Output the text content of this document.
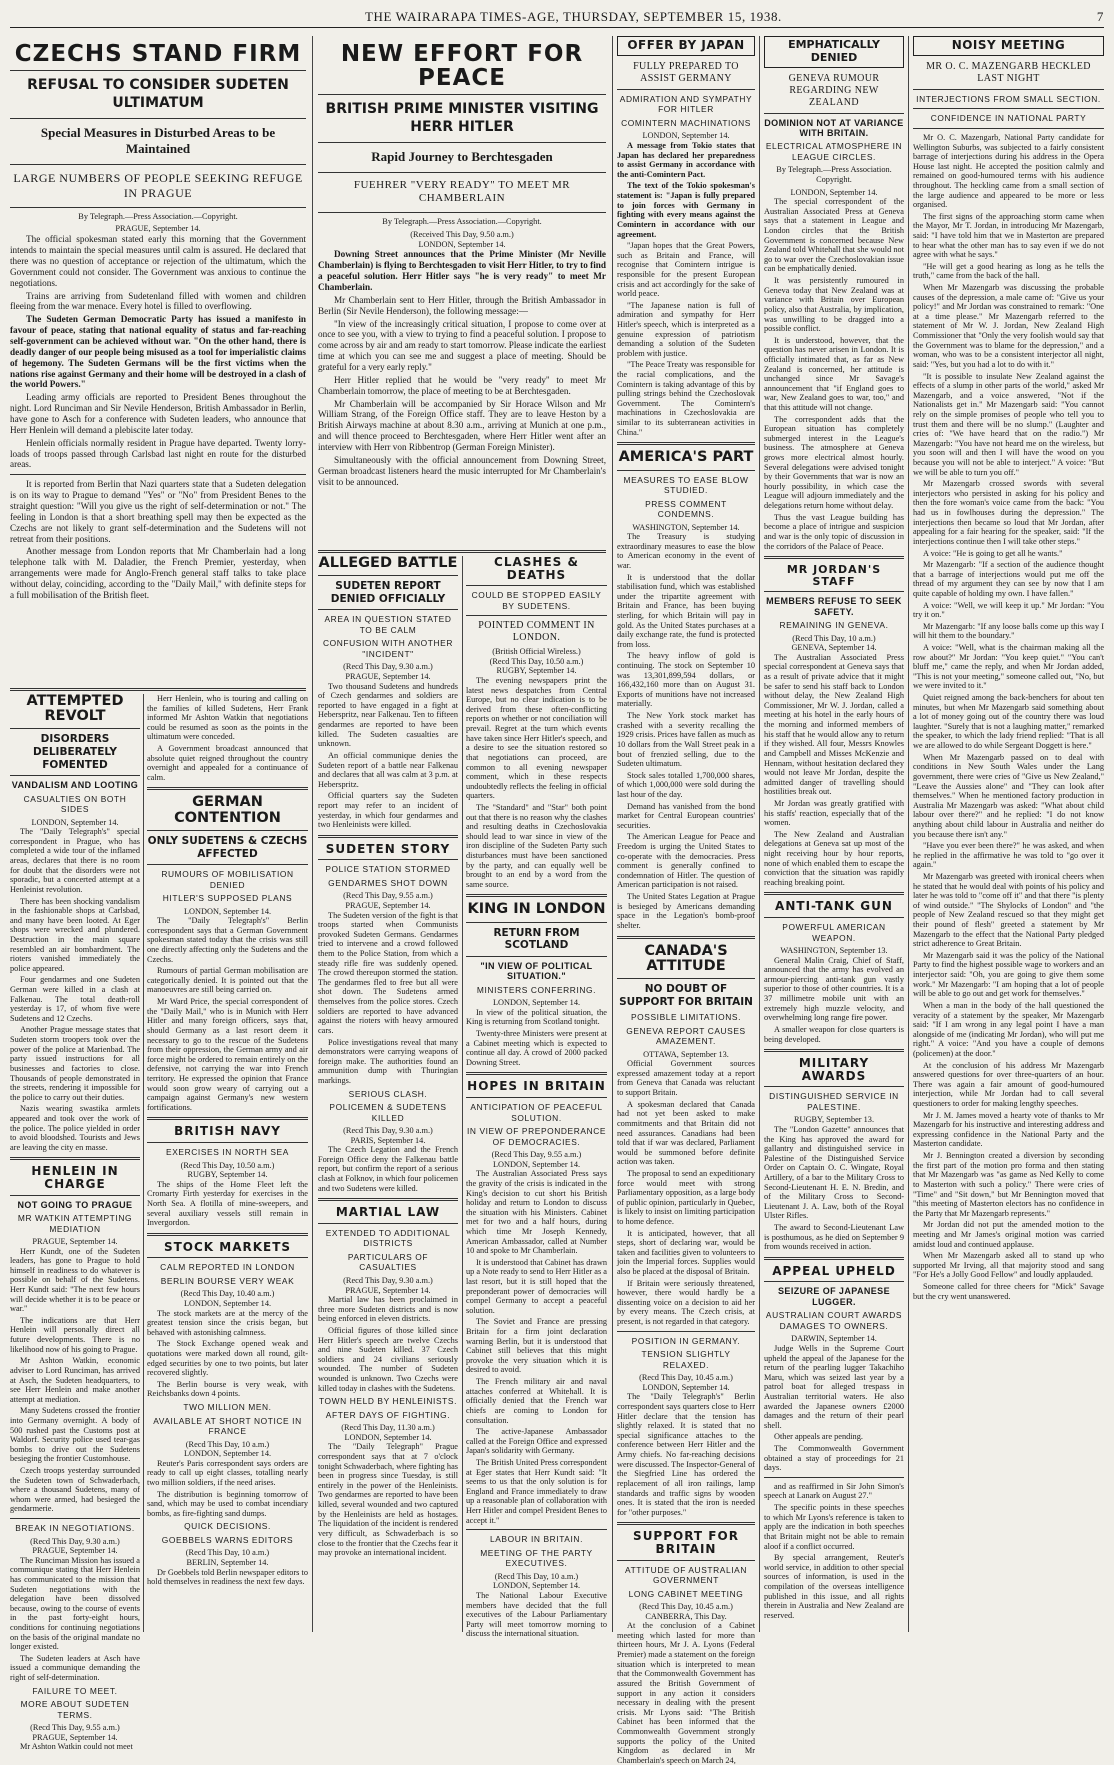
THE WAIRARAPA TIMES-AGE, THURSDAY, SEPTEMBER 15, 1938.	7
CZECHS STAND FIRM
REFUSAL TO CONSIDER SUDETEN ULTIMATUM
Special Measures in Disturbed Areas to be Maintained
LARGE NUMBERS OF PEOPLE SEEKING REFUGE IN PRAGUE
By Telegraph.—Press Association.—Copyright.
PRAGUE, September 14.

The official spokesman stated early this morning that the Government intends to maintain the special measures until calm is assured. He declared that there was no question of acceptance or rejection of the ultimatum, which the Government could not consider. The Government was anxious to continue the negotiations.

Trains are arriving from Sudetenland filled with women and children fleeing from the war menace. Every hotel is filled to overflowing.

The Sudeten German Democratic Party has issued a manifesto in favour of peace, stating that national equality of status and far-reaching self-government can be achieved without war. "On the other hand, there is deadly danger of our people being misused as a tool for imperialistic claims of hegemony. The Sudeten Germans will be the first victims when the nations rise against Germany and their home will be destroyed in a clash of the world Powers."

Leading army officials are reported to President Benes throughout the night. Lord Runciman and Sir Nevile Henderson, British Ambassador in Berlin, have gone to Asch for a conference with Sudeten leaders, who announce that Herr Henlein will demand a plebiscite later today.

Henlein officials normally resident in Prague have departed. Twenty lorry-loads of troops passed through Carlsbad last night en route for the disturbed areas.

It is reported from Berlin that Nazi quarters state that a Sudeten delegation is on its way to Prague to demand "Yes" or "No" from President Benes to the straight question: "Will you give us the right of self-determination or not." The feeling in London is that a short breathing spell may then be expected as the Czechs are not likely to grant self-determination and the Sudetens will not retreat from their positions.

Another message from London reports that Mr Chamberlain had a long telephone talk with M. Daladier, the French Premier, yesterday, when arrangements were made for Anglo-French general staff talks to take place without delay, coinciding, according to the "Daily Mail," with definite steps for a full mobilisation of the British fleet.

ATTEMPTED REVOLT
DISORDERS DELIBERATELY FOMENTED
VANDALISM AND LOOTING
CASUALTIES ON BOTH SIDES
LONDON, September 14.

The "Daily Telegraph's" special correspondent in Prague, who has completed a wide tour of the inflamed areas, declares that there is no room for doubt that the disorders were not sporadic, but a concerted attempt at a Henleinist revolution.

There has been shocking vandalism in the fashionable shops at Carlsbad, and many have been looted. At Eger shops were wrecked and plundered. Destruction in the main square resembled an air bombardment. The rioters vanished immediately the police appeared.

Four gendarmes and one Sudeten German were killed in a clash at Falkenau. The total death-roll yesterday is 17, of whom five were Sudetens and 12 Czechs.

Another Prague message states that Sudeten storm troopers took over the power of the police at Marienbad. The party issued instructions for all businesses and factories to close. Thousands of people demonstrated in the streets, rendering it impossible for the police to carry out their duties.

Nazis wearing swastika armlets appeared and took over the work of the police. The police yielded in order to avoid bloodshed. Tourists and Jews are leaving the city en masse.

HENLEIN IN CHARGE
NOT GOING TO PRAGUE
MR WATKIN ATTEMPTING MEDIATION
PRAGUE, September 14.

Herr Kundt, one of the Sudeten leaders, has gone to Prague to hold himself in readiness to do whatever is possible on behalf of the Sudetens. Herr Kundt said: "The next few hours will decide whether it is to be peace or war."

The indications are that Herr Henlein will personally direct all future developments. There is no likelihood now of his going to Prague.

Mr Ashton Watkin, economic adviser to Lord Runciman, has arrived at Asch, the Sudeten headquarters, to see Herr Henlein and make another attempt at mediation.

Many Sudetens crossed the frontier into Germany overnight. A body of 500 rushed past the Customs post at Waldorf. Security police used tear-gas bombs to drive out the Sudetens besieging the frontier Customhouse.

Czech troops yesterday surrounded the Sudeten town of Schwaderbach, where a thousand Sudetens, many of whom were armed, had besieged the gendarmerie.

BREAK IN NEGOTIATIONS.
(Recd This Day, 9.30 a.m.)
PRAGUE, September 14.

The Runciman Mission has issued a communique stating that Herr Henlein has communicated to the mission that Sudeten negotiations with the delegation have been dissolved because, owing to the course of events in the past forty-eight hours, conditions for continuing negotiations on the basis of the original mandate no longer existed.

The Sudeten leaders at Asch have issued a communique demanding the right of self-determination.

FAILURE TO MEET.
MORE ABOUT SUDETEN TERMS.
(Recd This Day, 9.55 a.m.)
PRAGUE, September 14.

Mr Ashton Watkin could not meet

Herr Henlein, who is touring and calling on the families of killed Sudetens, Herr Frank informed Mr Ashton Watkin that negotiations could be resumed as soon as the points in the ultimatum were conceded.

A Government broadcast announced that absolute quiet reigned throughout the country overnight and appealed for a continuance of calm.

GERMAN CONTENTION
ONLY SUDETENS & CZECHS AFFECTED
RUMOURS OF MOBILISATION DENIED
HITLER'S SUPPOSED PLANS
LONDON, September 14.

The "Daily Telegraph's" Berlin correspondent says that a German Government spokesman stated today that the crisis was still one directly affecting only the Sudetens and the Czechs.

Rumours of partial German mobilisation are categorically denied. It is pointed out that the manoeuvres are still being carried on.

Mr Ward Price, the special correspondent of the "Daily Mail," who is in Munich with Herr Hitler and many foreign officers, says that, should Germany as a last resort deem it necessary to go to the rescue of the Sudetens from their oppression, the German army and air force might be ordered to remain entirely on the defensive, not carrying the war into French territory. He expressed the opinion that France would soon grow weary of carrying out a campaign against Germany's new western fortifications.

BRITISH NAVY
EXERCISES IN NORTH SEA
(Recd This Day, 10.50 a.m.)
RUGBY, September 14.

The ships of the Home Fleet left the Cromarty Firth yesterday for exercises in the North Sea. A flotilla of mine-sweepers, and several auxiliary vessels still remain in Invergordon.

STOCK MARKETS
CALM REPORTED IN LONDON
BERLIN BOURSE VERY WEAK
(Recd This Day, 10.40 a.m.)
LONDON, September 14.

The stock markets are at the mercy of the greatest tension since the crisis began, but behaved with astonishing calmness.

The Stock Exchange opened weak and quotations were marked down all round, gilt-edged securities by one to two points, but later recovered slightly.

The Berlin bourse is very weak, with Reichsbanks down 4 points.

TWO MILLION MEN.
AVAILABLE AT SHORT NOTICE IN FRANCE
(Recd This Day, 10 a.m.)
LONDON, September 14.

Reuter's Paris correspondent says orders are ready to call up eight classes, totalling nearly two million soldiers, if the need arises.

The distribution is beginning tomorrow of sand, which may be used to combat incendiary bombs, as fire-fighting sand dumps.

QUICK DECISIONS.
GOEBBELS WARNS EDITORS
(Recd This Day, 10 a.m.)
BERLIN, September 14.

Dr Goebbels told Berlin newspaper editors to hold themselves in readiness the next few days.

NEW EFFORT FOR PEACE
BRITISH PRIME MINISTER VISITING HERR HITLER
Rapid Journey to Berchtesgaden
FUEHRER "VERY READY" TO MEET MR CHAMBERLAIN
By Telegraph.—Press Association.—Copyright.
(Received This Day, 9.50 a.m.)
LONDON, September 14.

Downing Street announces that the Prime Minister (Mr Neville Chamberlain) is flying to Berchtesgaden to visit Herr Hitler, to try to find a peaceful solution. Herr Hitler says "he is very ready" to meet Mr Chamberlain.

Mr Chamberlain sent to Herr Hitler, through the British Ambassador in Berlin (Sir Nevile Henderson), the following message:—

"In view of the increasingly critical situation, I propose to come over at once to see you, with a view to trying to find a peaceful solution. I propose to come across by air and am ready to start tomorrow. Please indicate the earliest time at which you can see me and suggest a place of meeting. Should be grateful for a very early reply."

Herr Hitler replied that he would be "very ready" to meet Mr Chamberlain tomorrow, the place of meeting to be at Berchtesgaden.

Mr Chamberlain will be accompanied by Sir Horace Wilson and Mr William Strang, of the Foreign Office staff. They are to leave Heston by a British Airways machine at about 8.30 a.m., arriving at Munich at one p.m., and will thence proceed to Berchtesgaden, where Herr Hitler went after an interview with Herr von Ribbentrop (German Foreign Minister).

Simultaneously with the official announcement from Downing Street, German broadcast listeners heard the music interrupted for Mr Chamberlain's visit to be announced.

ALLEGED BATTLE
SUDETEN REPORT DENIED OFFICIALLY
AREA IN QUESTION STATED TO BE CALM
CONFUSION WITH ANOTHER "INCIDENT"
(Recd This Day, 9.30 a.m.)
PRAGUE, September 14.

Two thousand Sudetens and hundreds of Czech gendarmes and soldiers are reported to have engaged in a fight at Heberspritz, near Falkenau. Ten to fifteen gendarmes are reported to have been killed. The Sudeten casualties are unknown.

An official communique denies the Sudeten report of a battle near Falkenau and declares that all was calm at 3 p.m. at Heberspritz.

Official quarters say the Sudeten report may refer to an incident of yesterday, in which four gendarmes and two Henleinists were killed.

SUDETEN STORY
POLICE STATION STORMED
GENDARMES SHOT DOWN
(Recd This Day, 9.55 a.m.)
PRAGUE, September 14.

The Sudeten version of the fight is that troops started when Communists provoked Sudeten Germans. Gendarmes tried to intervene and a crowd followed them to the Police Station, from which a steady rifle fire was suddenly opened. The crowd thereupon stormed the station. The gendarmes fled to free but all were shot down. The Sudetens armed themselves from the police stores. Czech soldiers are reported to have advanced against the rioters with heavy armoured cars.

Police investigations reveal that many demonstrators were carrying weapons of foreign make. The authorities found an ammunition dump with Thuringian markings.

SERIOUS CLASH.
POLICEMEN & SUDETENS KILLED
(Recd This Day, 9.30 a.m.)
PARIS, September 14.

The Czech Legation and the French Foreign Office deny the Falkenau battle report, but confirm the report of a serious clash at Folknov, in which four policemen and two Sudetens were killed.

MARTIAL LAW
EXTENDED TO ADDITIONAL DISTRICTS
PARTICULARS OF CASUALTIES
(Recd This Day, 9.30 a.m.)
PRAGUE, September 14.

Martial law has been proclaimed in three more Sudeten districts and is now being enforced in eleven districts.

Official figures of those killed since Herr Hitler's speech are twelve Czechs and nine Sudeten killed. 37 Czech soldiers and 24 civilians seriously wounded. The number of Sudeten wounded is unknown. Two Czechs were killed today in clashes with the Sudetens.

TOWN HELD BY HENLEINISTS.
AFTER DAYS OF FIGHTING.
(Recd This Day, 11.30 a.m.)
LONDON, September 14.

The "Daily Telegraph" Prague correspondent says that at 7 o'clock tonight Schwaderbach, where fighting has been in progress since Tuesday, is still entirely in the power of the Henleinists. Two gendarmes are reported to have been killed, several wounded and two captured by the Henleinists are held as hostages. The liquidation of the incident is rendered very difficult, as Schwaderbach is so close to the frontier that the Czechs fear it may provoke an international incident.

CLASHES & DEATHS
COULD BE STOPPED EASILY BY SUDETENS.
POINTED COMMENT IN LONDON.
(British Official Wireless.)
(Recd This Day, 10.50 a.m.)
RUGBY, September 14.

The evening newspapers print the latest news despatches from Central Europe, but no clear indication is to be derived from these often-conflicting reports on whether or not conciliation will prevail. Regret at the turn which events have taken since Herr Hitler's speech, and a desire to see the situation restored so that negotiations can proceed, are common to all evening newspaper comment, which in these respects undoubtedly reflects the feeling in official quarters.

The "Standard" and "Star" both point out that there is no reason why the clashes and resulting deaths in Czechoslovakia should lead to war since in view of the iron discipline of the Sudeten Party such disturbances must have been sanctioned by the party, and can equally well be brought to an end by a word from the same source.

KING IN LONDON
RETURN FROM SCOTLAND
"IN VIEW OF POLITICAL SITUATION."
MINISTERS CONFERRING.
LONDON, September 14.

In view of the political situation, the King is returning from Scotland tonight.

Twenty-three Ministers were present at a Cabinet meeting which is expected to continue all day. A crowd of 2000 packed Downing Street.

HOPES IN BRITAIN
ANTICIPATION OF PEACEFUL SOLUTION.
IN VIEW OF PREPONDERANCE OF DEMOCRACIES.
(Recd This Day, 9.55 a.m.)
LONDON, September 14.

The Australian Associated Press says the gravity of the crisis is indicated in the King's decision to cut short his British holiday and return to London to discuss the situation with his Ministers. Cabinet met for two and a half hours, during which time Mr Joseph Kennedy, American Ambassador, called at Number 10 and spoke to Mr Chamberlain.

It is understood that Cabinet has drawn up a Note ready to send to Herr Hitler as a last resort, but it is still hoped that the preponderant power of democracies will compel Germany to accept a peaceful solution.

The Soviet and France are pressing Britain for a firm joint declaration warning Berlin, but it is understood that Cabinet still believes that this might provoke the very situation which it is desired to avoid.

The French military air and naval attaches conferred at Whitehall. It is officially denied that the French war chiefs are coming to London for consultation.

The active-Japanese Ambassador called at the Foreign Office and expressed Japan's solidarity with Germany.

The British United Press correspondent at Eger states that Herr Kundt said: "It seems to us that the only solution is for England and France immediately to draw up a reasonable plan of collaboration with Herr Hitler and compel President Benes to accept it."

LABOUR IN BRITAIN.
MEETING OF THE PARTY EXECUTIVES.
(Recd This Day, 10 a.m.)
LONDON, September 14.

The National Labour Executive members have decided that the full executives of the Labour Parliamentary Party will meet tomorrow morning to discuss the international situation.

OFFER BY JAPAN
FULLY PREPARED TO ASSIST GERMANY
ADMIRATION AND SYMPATHY FOR HITLER
COMINTERN MACHINATIONS
LONDON, September 14.

A message from Tokio states that Japan has declared her preparedness to assist Germany in accordance with the anti-Comintern Pact.

The text of the Tokio spokesman's statement is: "Japan is fully prepared to join forces with Germany in fighting with every means against the Comintern in accordance with our agreement.

"Japan hopes that the Great Powers, such as Britain and France, will recognise that Comintern intrigue is responsible for the present European crisis and act accordingly for the sake of world peace.

"The Japanese nation is full of admiration and sympathy for Herr Hitler's speech, which is interpreted as a genuine expression of patriotism demanding a solution of the Sudeten problem with justice.

"The Peace Treaty was responsible for the racial complications, and the Comintern is taking advantage of this by pulling strings behind the Czechoslovak Government. The Comintern's machinations in Czechoslovakia are similar to its subterranean activities in China."

AMERICA'S PART
MEASURES TO EASE BLOW STUDIED.
PRESS COMMENT CONDEMNS.
WASHINGTON, September 14.

The Treasury is studying extraordinary measures to ease the blow to American economy in the event of war.

It is understood that the dollar stabilisation fund, which was established under the tripartite agreement with Britain and France, has been buying sterling, for which Britain will pay in gold. As the United States purchases at a daily exchange rate, the fund is protected from loss.

The heavy inflow of gold is continuing. The stock on September 10 was 13,301,899,594 dollars, or 166,432,160 more than on August 31. Exports of munitions have not increased materially.

The New York stock market has crashed with a severity recalling the 1929 crisis. Prices have fallen as much as 10 dollars from the Wall Street peak in a bout of frenzied selling, due to the Sudeten ultimatum.

Stock sales totalled 1,700,000 shares, of which 1,000,000 were sold during the last hour of the day.

Demand has vanished from the bond market for Central European countries' securities.

The American League for Peace and Freedom is urging the United States to co-operate with the democracies. Press comment is generally confined to condemnation of Hitler. The question of American participation is not raised.

The United States Legation at Prague is besieged by Americans demanding space in the Legation's bomb-proof shelter.

CANADA'S ATTITUDE
NO DOUBT OF SUPPORT FOR BRITAIN
POSSIBLE LIMITATIONS.
GENEVA REPORT CAUSES AMAZEMENT.
OTTAWA, September 13.

Official Government sources expressed amazement today at a report from Geneva that Canada was reluctant to support Britain.

A spokesman declared that Canada had not yet been asked to make commitments and that Britain did not need assurances. Canadians had been told that if war was declared, Parliament would be summoned before definite action was taken.

The proposal to send an expeditionary force would meet with strong Parliamentary opposition, as a large body of public opinion, particularly in Quebec, is likely to insist on limiting participation to home defence.

It is anticipated, however, that all steps, short of declaring war, would be taken and facilities given to volunteers to join the Imperial forces. Supplies would also be placed at the disposal of Britain.

If Britain were seriously threatened, however, there would hardly be a dissenting voice on a decision to aid her by every means. The Czech crisis, at present, is not regarded in that category.

POSITION IN GERMANY.
TENSION SLIGHTLY RELAXED.
(Recd This Day, 10.45 a.m.)
LONDON, September 14.

The "Daily Telegraph's" Berlin correspondent says quarters close to Herr Hitler declare that the tension has slightly relaxed. It is stated that no special significance attaches to the conference between Herr Hitler and the Army chiefs. No far-reaching decisions were discussed. The Inspector-General of the Siegfried Line has ordered the replacement of all iron railings, lamp standards and traffic signs by wooden ones. It is stated that the iron is needed for "other purposes."

SUPPORT FOR BRITAIN
ATTITUDE OF AUSTRALIAN GOVERNMENT
LONG CABINET MEETING
(Recd This Day, 10.45 a.m.)
CANBERRA, This Day.

At the conclusion of a Cabinet meeting which lasted for more than thirteen hours, Mr J. A. Lyons (Federal Premier) made a statement on the foreign situation which is interpreted to mean that the Commonwealth Government has assured the British Government of support in any action it considers necessary in dealing with the present crisis. Mr Lyons said: "The British Cabinet has been informed that the Commonwealth Government strongly supports the policy of the United Kingdom as declared in Mr Chamberlain's speech on March 24,

EMPHATICALLY DENIED
GENEVA RUMOUR REGARDING NEW ZEALAND
DOMINION NOT AT VARIANCE WITH BRITAIN.
ELECTRICAL ATMOSPHERE IN LEAGUE CIRCLES.
By Telegraph.—Press Association. Copyright.
LONDON, September 14.

The special correspondent of the Australian Associated Press at Geneva says that a statement in League and London circles that the British Government is concerned because New Zealand told Whitehall that she would not go to war over the Czechoslovakian issue can be emphatically denied.

It was persistently rumoured in Geneva today that New Zealand was at variance with Britain over European policy, also that Australia, by implication, was unwilling to be dragged into a possible conflict.

It is understood, however, that the question has never arisen in London. It is officially intimated that, as far as New Zealand is concerned, her attitude is unchanged since Mr Savage's announcement that "if England goes to war, New Zealand goes to war, too," and that this attitude will not change.

The correspondent adds that the European situation has completely submerged interest in the League's business. The atmosphere at Geneva grows more electrical almost hourly. Several delegations were advised tonight by their Governments that war is now an hourly possibility, in which case the League will adjourn immediately and the delegations return home without delay.

Thus the vast League building has become a place of intrigue and suspicion and war is the only topic of discussion in the corridors of the Palace of Peace.

MR JORDAN'S STAFF
MEMBERS REFUSE TO SEEK SAFETY.
REMAINING IN GENEVA.
(Recd This Day, 10 a.m.)
GENEVA, September 14.

The Australian Associated Press special correspondent at Geneva says that as a result of private advice that it might be safer to send his staff back to London without delay, the New Zealand High Commissioner, Mr W. J. Jordan, called a meeting at his hotel in the early hours of the morning and informed members of his staff that he would allow any to return if they wished. All four, Messrs Knowles and Campbell and Misses McKenzie and Hennam, without hesitation declared they would not leave Mr Jordan, despite the admitted danger of travelling should hostilities break out.

Mr Jordan was greatly gratified with his staffs' reaction, especially that of the women.

The New Zealand and Australian delegations at Geneva sat up most of the night receiving hour by hour reports, none of which enabled them to escape the conviction that the situation was rapidly reaching breaking point.

ANTI-TANK GUN
POWERFUL AMERICAN WEAPON.
WASHINGTON, September 13.

General Malin Craig, Chief of Staff, announced that the army has evolved an armour-piercing anti-tank gun vastly superior to those of other countries. It is a 37 millimetre mobile unit with an extremely high muzzle velocity, and overwhelming long range fire power.

A smaller weapon for close quarters is being developed.

MILITARY AWARDS
DISTINGUISHED SERVICE IN PALESTINE.
RUGBY, September 13.

The "London Gazette" announces that the King has approved the award for gallantry and distinguished service in Palestine of the Distinguished Service Order on Captain O. C. Wingate, Royal Artillery, of a bar to the Military Cross to Second-Lieutenant H. E. N. Bredin, and of the Military Cross to Second-Lieutenant J. A. Law, both of the Royal Ulster Rifles.

The award to Second-Lieutenant Law is posthumous, as he died on September 9 from wounds received in action.

APPEAL UPHELD
SEIZURE OF JAPANESE LUGGER.
AUSTRALIAN COURT AWARDS DAMAGES TO OWNERS.
DARWIN, September 14.

Judge Wells in the Supreme Court upheld the appeal of the Japanese for the return of the pearling lugger Takachiho Maru, which was seized last year by a patrol boat for alleged trespass in Australian territorial waters. He also awarded the Japanese owners £2000 damages and the return of their pearl shell.

Other appeals are pending.

The Commonwealth Government obtained a stay of proceedings for 21 days.

and as reaffirmed in Sir John Simon's speech at Lanark on August 27."

The specific points in these speeches to which Mr Lyons's reference is taken to apply are the indication in both speeches that Britain might not be able to remain aloof if a conflict occurred.

By special arrangement, Reuter's world service, in addition to other special sources of information, is used in the compilation of the overseas intelligence published in this issue, and all rights therein in Australia and New Zealand are reserved.

NOISY MEETING
MR O. C. MAZENGARB HECKLED LAST NIGHT
INTERJECTIONS FROM SMALL SECTION.
CONFIDENCE IN NATIONAL PARTY

Mr O. C. Mazengarb, National Party candidate for Wellington Suburbs, was subjected to a fairly consistent barrage of interjections during his address in the Opera House last night. He accepted the position calmly and remained on good-humoured terms with his audience throughout. The heckling came from a small section of the large audience and appeared to be more or less organised.

The first signs of the approaching storm came when the Mayor, Mr T. Jordan, in introducing Mr Mazengarb, said: "I have told him that we in Masterton are prepared to hear what the other man has to say even if we do not agree with what he says."

"He will get a good hearing as long as he tells the truth," came from the back of the hall.

When Mr Mazengarb was discussing the probable causes of the depression, a male came of: "Give us your policy!" and Mr Jordan was constrained to remark: "One at a time please." Mr Mazengarb referred to the statement of Mr W. J. Jordan, New Zealand High Commissioner that "Only the very foolish would say that the Government was to blame for the depression," and a woman, who was to be a consistent interjector all night, said: "Yes, but you had a lot to do with it."

"It is possible to insulate New Zealand against the effects of a slump in other parts of the world," asked Mr Mazengarb, and a voice answered, "Not if the Nationalists get in." Mr Mazengarb said: "You cannot rely on the simple promises of people who tell you to trust them and there will be no slump." (Laughter and cries of: "We have heard that on the radio.") Mr Mazengarb: "You have not heard me on the wireless, but you soon will and then I will have the wood on you because you will not be able to interject." A voice: "But we will be able to turn you off."

Mr Mazengarb crossed swords with several interjectors who persisted in asking for his policy and then the fore woman's voice came from the back: "You had us in fowlhouses during the depression." The interjections then became so loud that Mr Jordan, after appealing for a fair hearing for the speaker, said: "If the interjections continue then I will take other steps."

A voice: "He is going to get all he wants."

Mr Mazengarb: "If a section of the audience thought that a barrage of interjections would put me off the thread of my argument they can see by now that I am quite capable of holding my own. I have fallen."

A voice: "Well, we will keep it up." Mr Jordan: "You try it on."

Mr Mazengarb: "If any loose balls come up this way I will hit them to the boundary."

A voice: "Well, what is the chairman making all the row about?" Mr Jordan: "You keep quiet." "You can't bluff me," came the reply, and when Mr Jordan added, "This is not your meeting," someone called out, "No, but we were invited to it."

Quiet reigned among the back-benchers for about ten minutes, but when Mr Mazengarb said something about a lot of money going out of the country there was loud laughter. "Surely that is not a laughing matter," remarked the speaker, to which the lady friend replied: "That is all we are allowed to do while Sergeant Doggett is here."

When Mr Mazengarb passed on to deal with conditions in New South Wales under the Lang government, there were cries of "Give us New Zealand," "Leave the Aussies alone" and "They can look after themselves." When he mentioned factory production in Australia Mr Mazengarb was asked: "What about child labour over there?" and he replied: "I do not know anything about child labour in Australia and neither do you because there isn't any."

"Have you ever been there?" he was asked, and when he replied in the affirmative he was told to "go over it again."

Mr Mazengarb was greeted with ironical cheers when he stated that he would deal with points of his policy and later he was told to "come off it" and that there "is plenty of wind outside." "The Shylocks of London" and "the people of New Zealand rescued so that they might get their pound of flesh" greeted a statement by Mr Mazengarb to the effect that the National Party pledged strict adherence to Great Britain.

Mr Mazengarb said it was the policy of the National Party to find the highest possible wage to workers and an interjector said: "Oh, you are going to give them some work." Mr Mazengarb: "I am hoping that a lot of people will be able to go out and get work for themselves."

When a man in the body of the hall questioned the veracity of a statement by the speaker, Mr Mazengarb said: "If I am wrong in any legal point I have a man alongside of me (indicating Mr Jordan), who will put me right." A voice: "And you have a couple of demons (policemen) at the door."

At the conclusion of his address Mr Mazengarb answered questions for over three-quarters of an hour. There was again a fair amount of good-humoured interjection, while Mr Jordan had to call several questioners to order for making lengthy speeches.

Mr J. M. James moved a hearty vote of thanks to Mr Mazengarb for his instructive and interesting address and expressing confidence in the National Party and the Masterton candidate.

Mr J. Bennington created a diversion by seconding the first part of the motion pro forma and then stating that Mr Mazengarb was "as game as Ned Kelly to come to Masterton with such a policy." There were cries of "Time" and "Sit down," but Mr Bennington moved that "this meeting of Masterton electors has no confidence in the Party that Mr Mazengarb represents."

Mr Jordan did not put the amended motion to the meeting and Mr James's original motion was carried amidst loud and continued applause.

When Mr Mazengarb asked all to stand up who supported Mr Irving, all that majority stood and sang "For He's a Jolly Good Fellow" and loudly applauded.

Someone called for three cheers for "Mick" Savage but the cry went unanswered.
